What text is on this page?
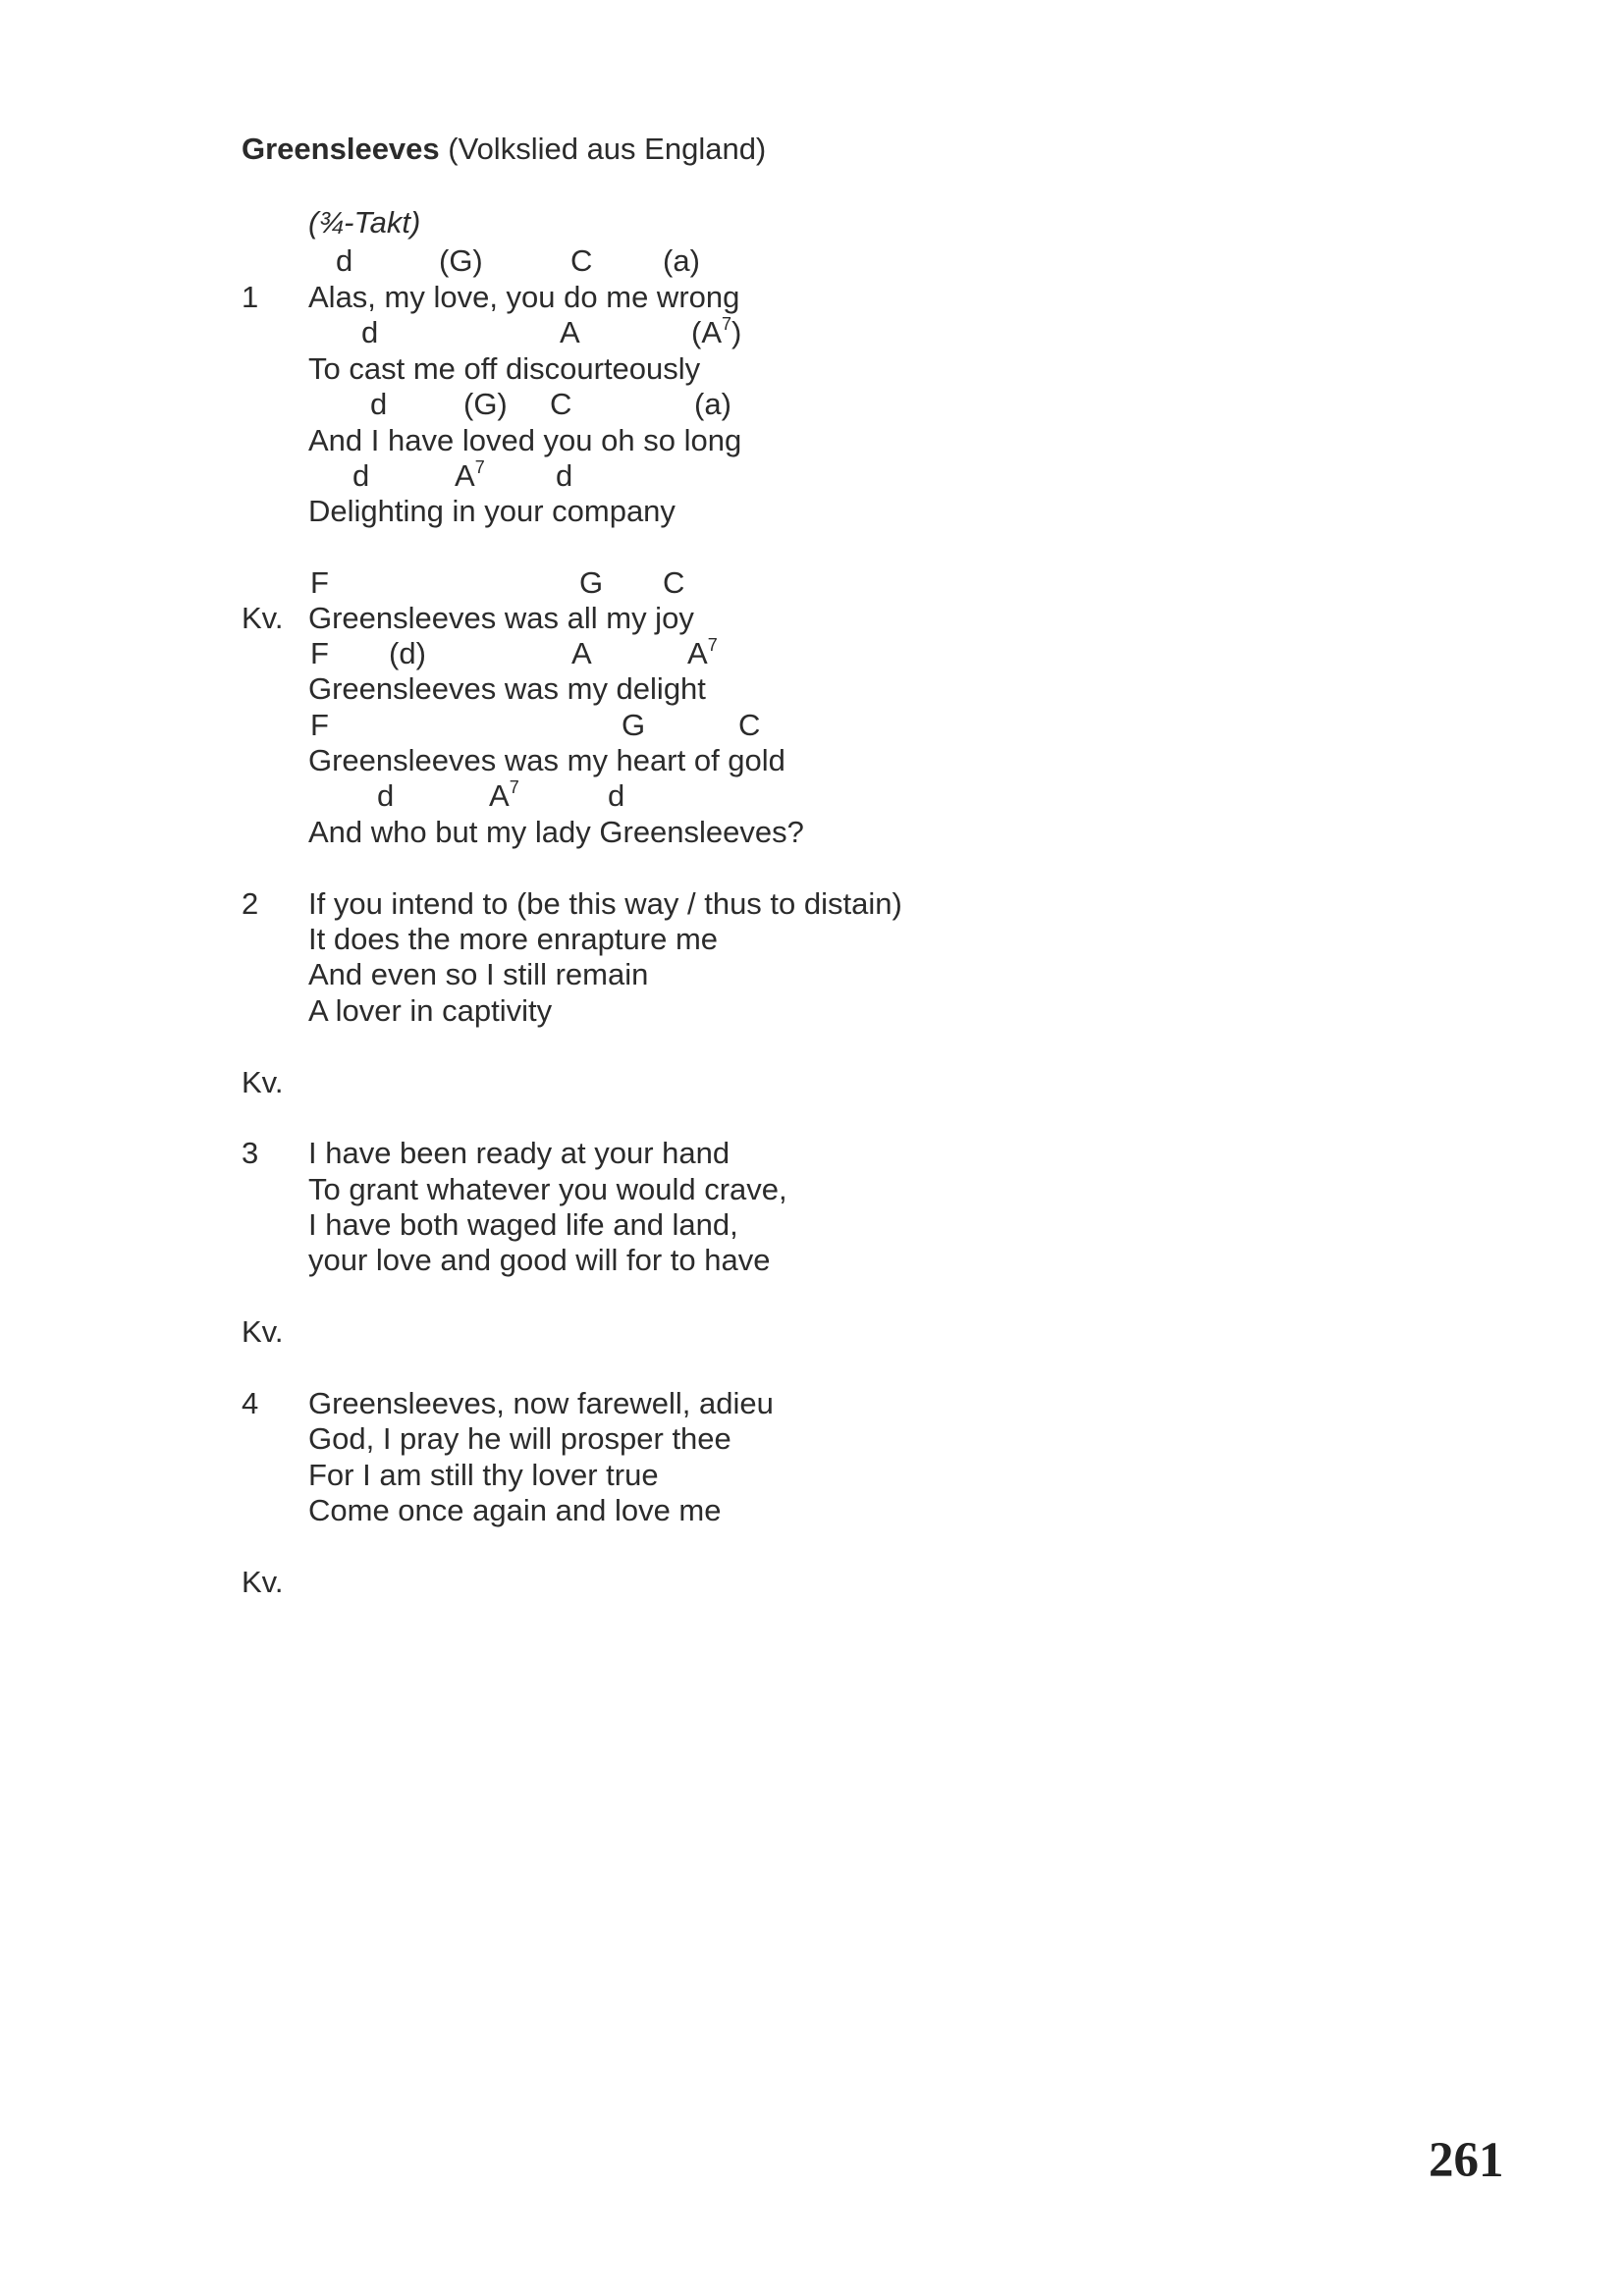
Greensleeves (Volkslied aus England)
(¾-Takt)
d	(G)	C (a)
1 Alas, my love, you do me wrong
d	A	$(A^7)$
To cast me off discourteously
d	(G) C	(a)
And I have loved you oh so long
d	$A^7$ d
Delighting in your company
F	G C
Kv. Greensleeves was all my joy
F (d)	A	$A^7$
Greensleeves was my delight
F	G	C
Greensleeves was my heart of gold
d	$A^7$	d
And who but my lady Greensleeves?
2 If you intend to (be this way / thus to distain)
It does the more enrapture me
And even so I still remain
A lover in captivity
Kv.
3 I have been ready at your hand
To grant whatever you would crave,
I have both waged life and land,
your love and good will for to have
Kv.
4 Greensleeves, now farewell, adieu
God, I pray he will prosper thee
For I am still thy lover true
Come once again and love me
Kv.
261
